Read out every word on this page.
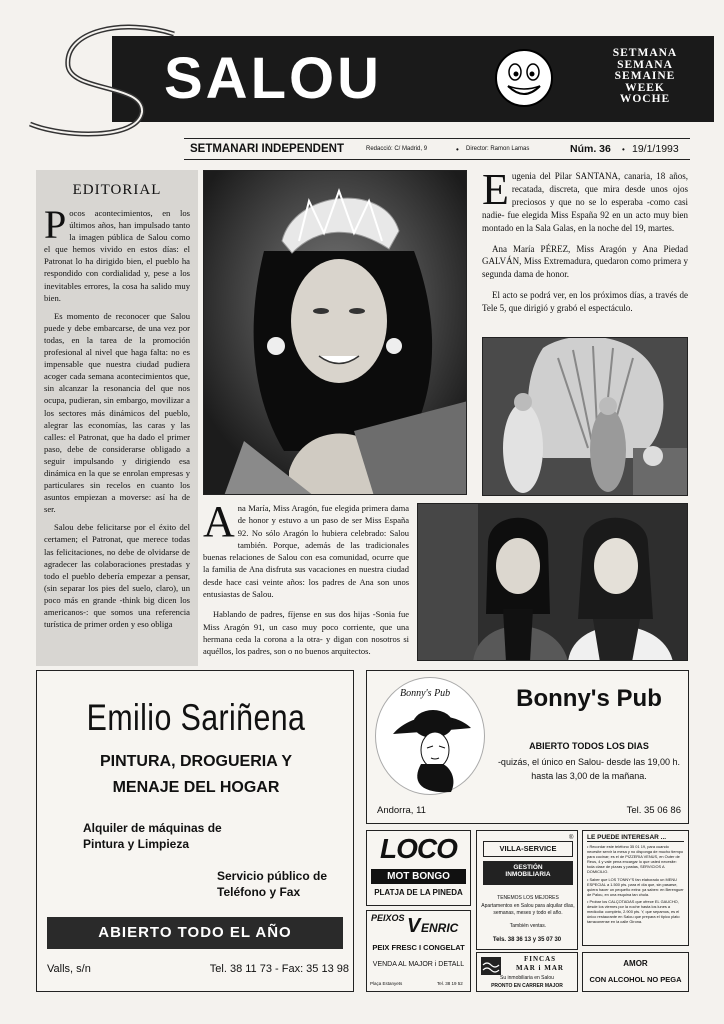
SALOU	SETMANA
SEMANA
SEMAINE
WEEK
WOCHE
SETMANARI INDEPENDENT	Redacció: C/ Madrid, 9	•	Director: Ramon Lamas	Núm. 36	• 19/1/1993
EDITORIAL

Pocos acontecimientos, en los últimos años, han impulsado tanto la imagen pública de Salou como el que hemos vivido en estos días: el Patronat lo ha dirigido bien, el pueblo ha respondido con cordialidad y, pese a los inevitables errores, la cosa ha salido muy bien.

Es momento de reconocer que Salou puede y debe embarcarse, de una vez por todas, en la tarea de la promoción profesional al nivel que haga falta: no es impensable que nuestra ciudad pudiera acoger cada semana acontecimientos que, sin alcanzar la resonancia del que nos ocupa, pudieran, sin embargo, movilizar a los sectores más dinámicos del pueblo, alegrar las economías, las caras y las calles: el Patronat, que ha dado el primer paso, debe de considerarse obligado a seguir impulsando y dirigiendo esa dinámica en la que se enrolan empresas y particulares sin recelos en cuanto los asuntos empiezan a moverse: así ha de ser.

Salou debe felicitarse por el éxito del certamen; el Patronat, que merece todas las felicitaciones, no debe de olvidarse de agradecer las colaboraciones prestadas y todo el pueblo debería empezar a pensar, (sin separar los pies del suelo, claro), un poco más en grande -think big dicen los americanos-: que somos una referencia turística de primer orden y eso obliga

Eugenia del Pilar SANTANA, canaria, 18 años, recatada, discreta, que mira desde unos ojos preciosos y que no se lo esperaba -como casi nadie- fue elegida Miss España 92 en un acto muy bien montado en la Sala Galas, en la noche del 19, martes.

Ana María PÉREZ, Miss Aragón y Ana Piedad GALVÁN, Miss Extremadura, quedaron como primera y segunda dama de honor.

El acto se podrá ver, en los próximos días, a través de Tele 5, que dirigió y grabó el espectáculo.

Ana María, Miss Aragón, fue elegida primera dama de honor y estuvo a un paso de ser Miss España 92. No sólo Aragón lo hubiera celebrado: Salou también. Porque, además de las tradicionales buenas relaciones de Salou con esa comunidad, ocurre que la familia de Ana disfruta sus vacaciones en nuestra ciudad desde hace casi veinte años: los padres de Ana son unos entusiastas de Salou.

Hablando de padres, fíjense en sus dos hijas -Sonia fue Miss Aragón 91, un caso muy poco corriente, que una hermana ceda la corona a la otra- y digan con nosotros si aquéllos, los padres, son o no buenos arquitectos.

Emilio Sariñena
PINTURA, DROGUERIA Y
MENAJE DEL HOGAR
Alquiler de máquinas de
Pintura y Limpieza
Servicio público de
Teléfono y Fax
ABIERTO TODO EL AÑO
Valls, s/n	Tel. 38 11 73 - Fax: 35 13 98
Bonny's Pub	Bonny's Pub
ABIERTO TODOS LOS DIAS
-quizás, el único en Salou- desde las 19,00 h.
hasta las 3,00 de la mañana.
Andorra, 11	Tel. 35 06 86
LOCO
MOT BONGO
PLATJA DE LA PINEDA
PEIXOS V ENRIC
PEIX FRESC I CONGELAT
VENDA AL MAJOR i DETALL
Plaça Estanyets	Tel. 38 19 52
VILLA-SERVICE
®
GESTIÓN
INMOBILIARIA
TENEMOS LOS MEJORES
Apartamentos en Salou para alquilar días, semanas, meses y todo el año.
También ventas.
Tels. 38 36 13 y 35 07 30
FINCAS
MAR i MAR
Su inmobiliaria en Salou
PRONTO EN CARRER MAJOR
LE PUEDE INTERESAR ...
• Recordar este teléfono 35 01 19, para cuando necesite servir la mesa y no disponga de mucho tiempo para cocinar; es el de PIZZERIA VENUS, en Outer de Reus, 4 y vale pena encargar lo que usted necesite: toda clase de pizzas y pastas, SERVICIOS A DOMICILIO.
• Saber que LOS TONNY'S fan elaborado un MENU ESPECIAL a 1.500 pts. para el día que, sin pasarse, quiera hacer un pequeño extra: ya saben: en Berenguer de Palou, en una esquina tan chula.
• Probar los CALÇOTADAS que ofrece EL GAUCHO, desde los viernes por la noche hasta los lunes a mediodía: completo, 2.900 pts. Y, que sepamos, es el único restaurante en Salou que prepara el típico plato tarraconense en la calle Girona.
AMOR
CON ALCOHOL NO PEGA
